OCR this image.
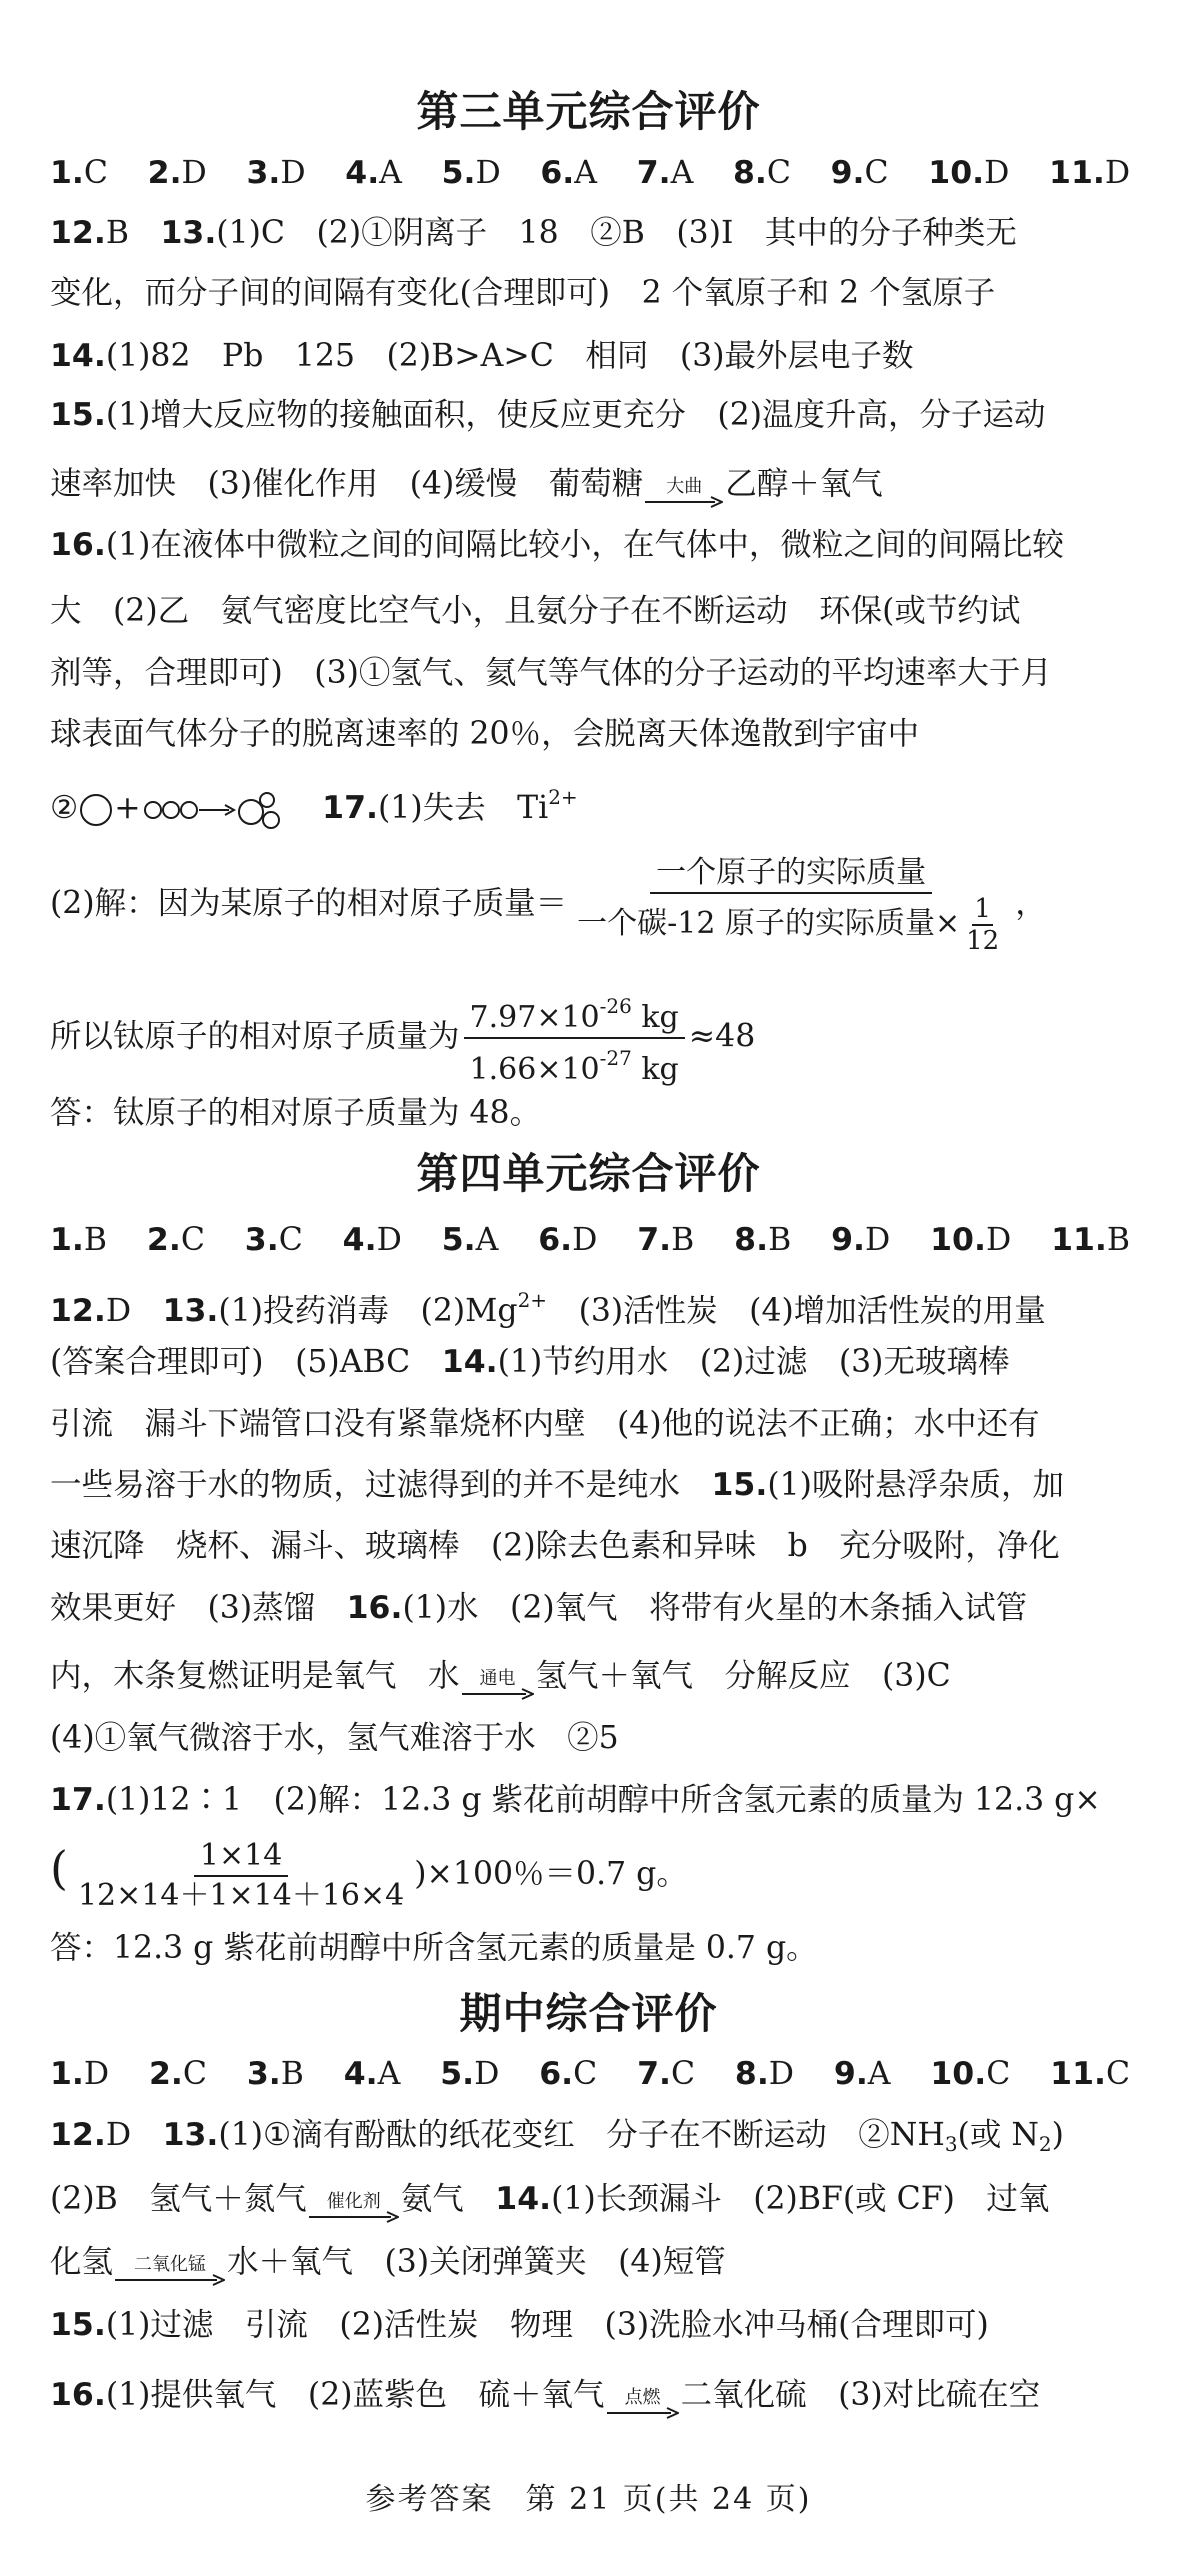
第三单元综合评价
1.C 2.D 3.D 4.A 5.D 6.A 7.A 8.C 9.C 10.D 11.D
12.B　 13.(1)C　(2)①阴离子　18　②B　(3)Ⅰ　其中的分子种类无
变化，而分子间的间隔有变化(合理即可)　2 个氧原子和 2 个氢原子
14.(1)82　Pb　125　(2)B>A>C　相同　(3)最外层电子数
15.(1)增大反应物的接触面积，使反应更充分　(2)温度升高，分子运动
速率加快　(3)催化作用　(4)缓慢　葡萄糖 大曲 乙醇＋氧气
16.(1)在液体中微粒之间的间隔比较小，在气体中，微粒之间的间隔比较
大　(2)乙　氨气密度比空气小，且氨分子在不断运动　环保(或节约试
剂等，合理即可)　(3)①氢气、氦气等气体的分子运动的平均速率大于月
球表面气体分子的脱离速率的 20％，会脱离天体逸散到宇宙中
② +　	17.(1)失去　$Ti^{2+}$
(2)解：因为某原子的相对原子质量＝ $\frac{\text{一个原子的实际质量}}{一个碳-12 原子的实际质量\times \frac{1}{12}}$ ，
所以钛原子的相对原子质量为 $\frac{7.97\times 10^{-26} kg}{1.66\times 10^{-27} kg} \approx 48$
答：钛原子的相对原子质量为 48。
第四单元综合评价
1.B 2.C 3.C 4.D 5.A 6.D 7.B 8.B 9.D 10.D 11.B
12.D　 13.(1)投药消毒　$(2)Mg^{2+}$　(3)活性炭　(4)增加活性炭的用量
(答案合理即可)　(5)ABC　14.(1)节约用水　(2)过滤　(3)无玻璃棒
引流　漏斗下端管口没有紧靠烧杯内壁　(4)他的说法不正确；水中还有
一些易溶于水的物质，过滤得到的并不是纯水　15.(1)吸附悬浮杂质，加
速沉降　烧杯、漏斗、玻璃棒　(2)除去色素和异味　b　充分吸附，净化
效果更好　(3)蒸馏　16.(1)水　(2)氧气　将带有火星的木条插入试管
内，木条复燃证明是氧气　水 通电 氢气＋氧气　分解反应　(3)C
(4)①氧气微溶于水，氢气难溶于水　②5
17.(1)12∶1　(2)解：12.3 g 紫花前胡醇中所含氢元素的质量为 12.3 g×
( $\frac{1\times 14}{12\times 14+1\times 14+16\times 4} )\times 100$％＝0.7 g。
答：12.3 g 紫花前胡醇中所含氢元素的质量是 0.7 g。
期中综合评价
1.D 2.C 3.B 4.A 5.D 6.C 7.C 8.D 9.A 10.C 11.C
12.D　 13.(1)①滴有酚酞的纸花变红　分子在不断运动　$②NH_3$(或 $N_2$)
(2)B　氢气＋氮气 催化剂 氨气　14.(1)长颈漏斗　(2)BF(或 CF)　过氧
化氢 二氧化锰 水＋氧气　(3)关闭弹簧夹　(4)短管
15.(1)过滤　引流　(2)活性炭　物理　(3)洗脸水冲马桶(合理即可)
16.(1)提供氧气　(2)蓝紫色　硫＋氧气 点燃 二氧化硫　(3)对比硫在空
参考答案　第 21 页(共 24 页)
